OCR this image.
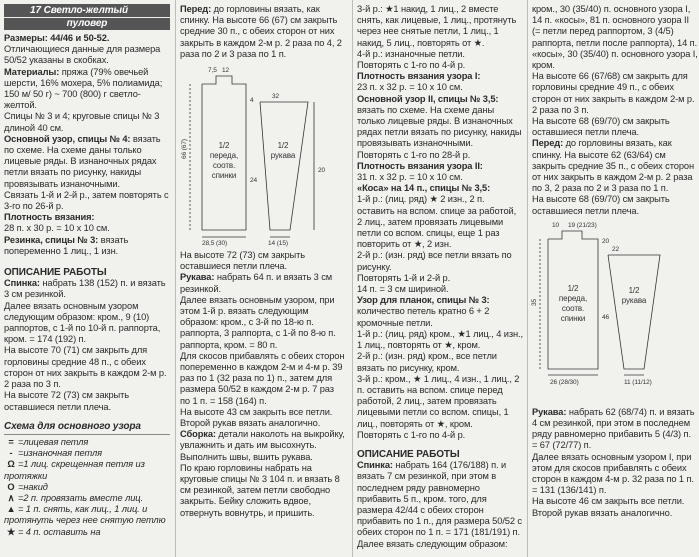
17 Светло-желтый
пуловер

Размеры: 44/46 и 50-52.

Отличающиеся данные для размера 50/52 указаны в скобках.

Материалы: пряжа (79% овечьей шерсти, 16% мохера, 5% полиамида; 150 м/ 50 г) ~ 700 (800) г светло-желтой.

Спицы № 3 и 4; круговые спицы № 3 длиной 40 см.

Основной узор, спицы № 4: вязать по схеме. На схеме даны только лицевые ряды. В изнаночных рядах петли вязать по рисунку, накиды провязывать изнаночными.

Связать 1-й и 2-й р., затем повторять с 3-го по 26-й р.

Плотность вязания:

28 п. х 30 р. = 10 х 10 см.

Резинка, спицы № 3: вязать попеременно 1 лиц., 1 изн.

ОПИСАНИЕ РАБОТЫ

Спинка: набрать 138 (152) п. и вязать 3 см резинкой.

Далее вязать основным узором следующим образом: кром., 9 (10) раппортов, с 1-й по 10-й п. раппорта, кром. = 174 (192) п.

На высоте 70 (71) см закрыть для горловины средние 48 п., с обеих сторон от них закрыть в каждом 2-м р. 2 раза по 3 п.

На высоте 72 (73) см закрыть оставшиеся петли плеча.

Схема для основного узора

= =лицевая петля

- =изнаночная петля

Ω =1 лиц. скрещенная петля из протяжки

O =накид

∧ =2 п. провязать вместе лиц.

▲ = 1 п. снять, как лиц., 1 лиц. и протянуть через нее снятую петлю

★ = 4 п. оставить на

Перед: до горловины вязать, как спинку. На высоте 66 (67) см закрыть средние 30 п., с обеих сторон от них закрыть в каждом 2-м р. 2 раза по 4, 2 раза по 2 и 3 раза по 1 п.

7,5 12
66 (67)
4
24
28,5 (30)
32
20
14 (15)
1/2
переда,
соотв.
спинки
1/2
рукава

На высоте 72 (73) см закрыть оставшиеся петли плеча.

Рукава: набрать 64 п. и вязать 3 см резинкой.

Далее вязать основным узором, при этом 1-й р. вязать следующим образом: кром., с 3-й по 18-ю п. раппорта, 3 раппорта, с 1-й по 8-ю п. раппорта, кром. = 80 п.

Для скосов прибавлять с обеих сторон попеременно в каждом 2-м и 4-м р. 39 раз по 1 (32 раза по 1) п., затем для размера 50/52 в каждом 2-м р. 7 раз по 1 п. = 158 (164) п.

На высоте 43 см закрыть все петли. Второй рукав вязать аналогично.

Сборка: детали наколоть на выкройку, увлажнить и дать им высохнуть. Выполнить швы, вшить рукава.

По краю горловины набрать на круговые спицы № 3 104 п. и вязать 8 см резинкой, затем петли свободно закрыть. Бейку сложить вдвое, отвернуть вовнутрь, и пришить.

3-й р.: ★1 накид, 1 лиц., 2 вместе снять, как лицевые, 1 лиц., протянуть через нее снятые петли, 1 лиц., 1 накид, 5 лиц., повторять от ★.

4-й р.: изнаночные петли.

Повторять с 1-го по 4-й р.

Плотность вязания узора I:

23 п. х 32 р. = 10 х 10 см.

Основной узор II, спицы № 3,5: вязать по схеме. На схеме даны только лицевые ряды. В изнаночных рядах петли вязать по рисунку, накиды провязывать изнаночными.

Повторять с 1-го по 28-й р.

Плотность вязания узора II:

31 п. х 32 р. = 10 х 10 см.

«Коса» на 14 п., спицы № 3,5:

1-й р.: (лиц. ряд) ★ 2 изн., 2 п. оставить на вспом. спице за работой, 2 лиц., затем провязать лицевыми петли со вспом. спицы, еще 1 раз повторить от ★, 2 изн.

2-й р.: (изн. ряд) все петли вязать по рисунку.

Повторять 1-й и 2-й р.

14 п. = 3 см шириной.

Узор для планок, спицы № 3: количество петель кратно 6 + 2 кромочные петли.

1-й р.: (лиц. ряд) кром., ★1 лиц., 4 изн., 1 лиц., повторять от ★, кром.

2-й р.: (изн. ряд) кром., все петли вязать по рисунку, кром.

3-й р.: кром., ★ 1 лиц., 4 изн., 1 лиц., 2 п. оставить на вспом. спице перед работой, 2 лиц., затем провязать лицевыми петли со вспом. спицы, 1 лиц., повторять от ★, кром.

Повторять с 1-го по 4-й р.

ОПИСАНИЕ РАБОТЫ

Спинка: набрать 164 (176/188) п. и вязать 7 см резинкой, при этом в последнем ряду равномерно прибавить 5 п., кром. того, для размера 42/44 с обеих сторон прибавить по 1 п., для размера 50/52 с обеих сторон по 1 п. = 171 (181/191) п.

Далее вязать следующим образом:

кром., 30 (35/40) п. основного узора I, 14 п. «косы», 81 п. основного узора II (= петли перед раппортом, 3 (4/5) раппорта, петли после раппорта), 14 п. «косы», 30 (35/40) п. основного узора I, кром.

На высоте 66 (67/68) см закрыть для горловины средние 49 п., с обеих сторон от них закрыть в каждом 2-м р. 2 раза по 3 п.

На высоте 68 (69/70) см закрыть оставшиеся петли плеча.

Перед: до горловины вязать, как спинку. На высоте 62 (63/64) см закрыть средние 35 п., с обеих сторон от них закрыть в каждом 2-м р. 2 раза по 3, 2 раза по 2 и 3 раза по 1 п.

На высоте 68 (69/70) см закрыть оставшиеся петли плеча.

10 19 (21/23)
20
35
46
26 (28/30)
22
11 (11/12)
1/2
переда,
соотв.
спинки
1/2
рукава

Рукава: набрать 62 (68/74) п. и вязать 4 см резинкой, при этом в последнем ряду равномерно прибавить 5 (4/3) п. = 67 (72/77) п.

Далее вязать основным узором I, при этом для скосов прибавлять с обеих сторон в каждом 4-м р. 32 раза по 1 п. = 131 (136/141) п.

На высоте 46 см закрыть все петли. Второй рукав вязать аналогично.
